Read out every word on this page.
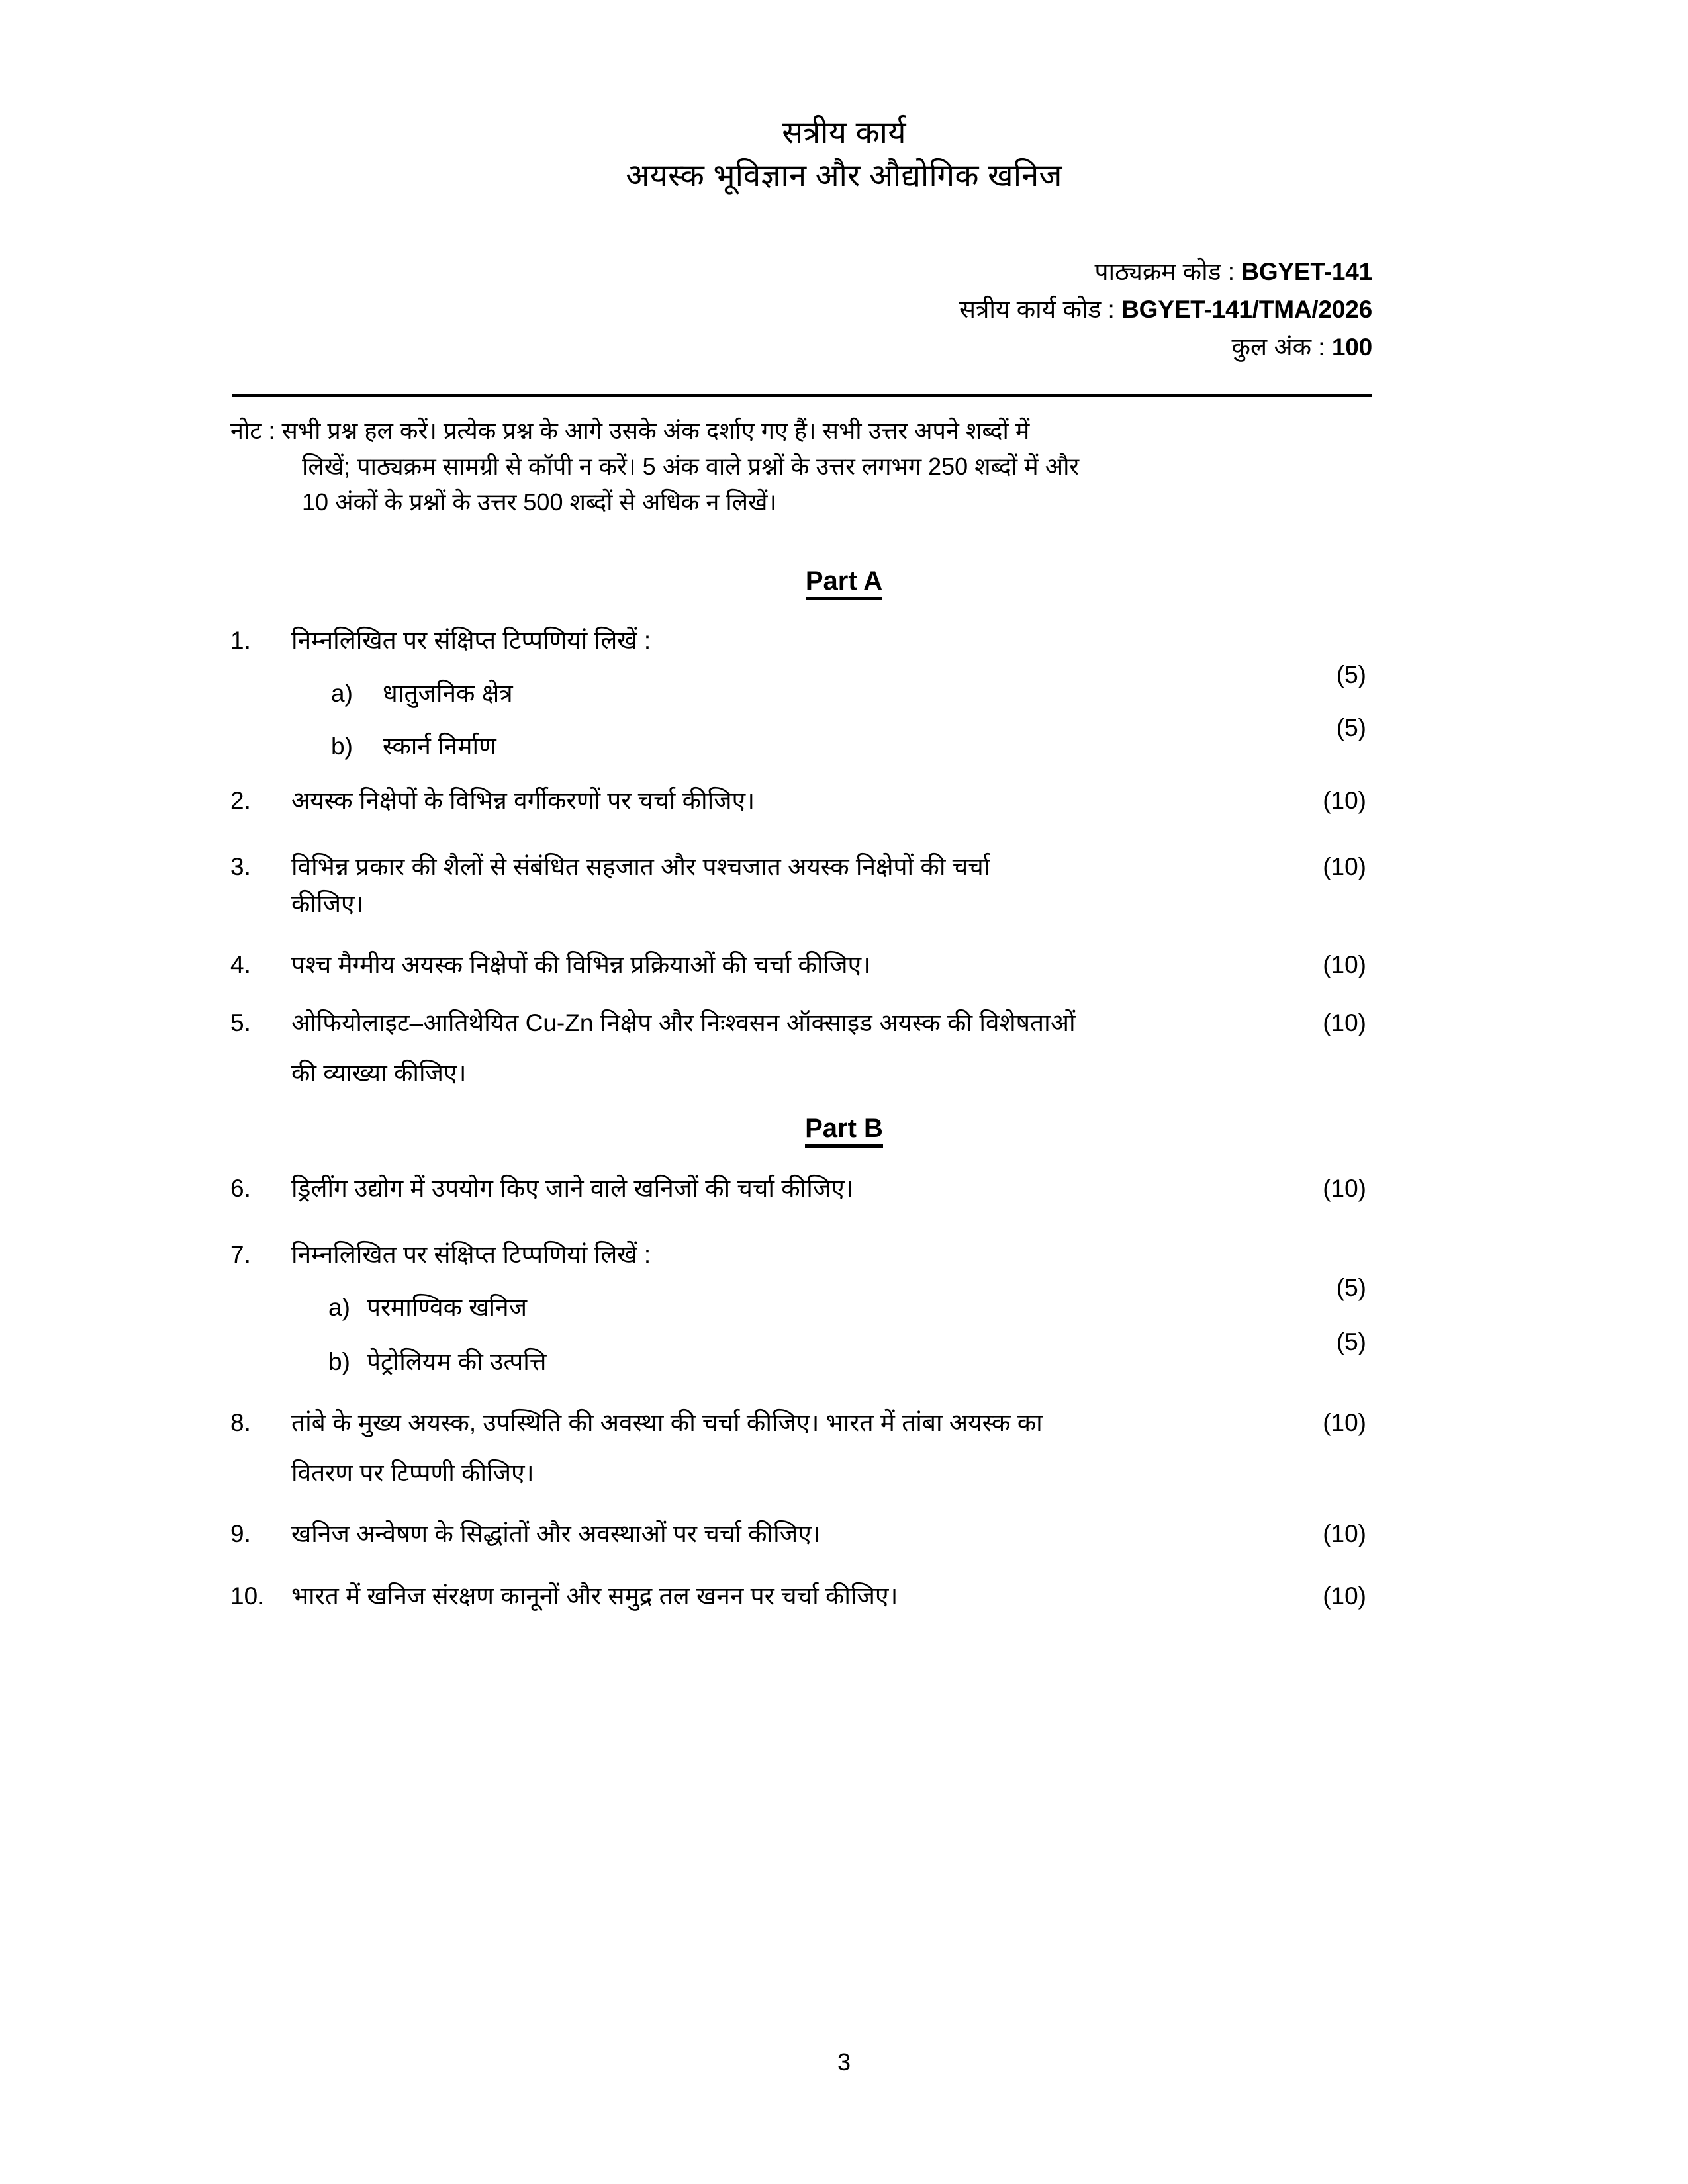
सत्रीय कार्य
अयस्क भूविज्ञान और औद्योगिक खनिज
पाठ्यक्रम कोड : BGYET-141
सत्रीय कार्य कोड : BGYET-141/TMA/2026
कुल अंक : 100
नोट : सभी प्रश्न हल करें। प्रत्येक प्रश्न के आगे उसके अंक दर्शाए गए हैं। सभी उत्तर अपने शब्दों में
लिखें; पाठ्यक्रम सामग्री से कॉपी न करें। 5 अंक वाले प्रश्नों के उत्तर लगभग 250 शब्दों में और
10 अंकों के प्रश्नों के उत्तर 500 शब्दों से अधिक न लिखें।
Part A
1.	निम्नलिखित पर संक्षिप्त टिप्पणियां लिखें :
a)	धातुजनिक क्षेत्र
(5)
b)	स्कार्न निर्माण
(5)
2.	अयस्क निक्षेपों के विभिन्न वर्गीकरणों पर चर्चा कीजिए।	(10)
3.	विभिन्न प्रकार की शैलों से संबंधित सहजात और पश्चजात अयस्क निक्षेपों की चर्चा	(10)
कीजिए।
4.	पश्च मैग्मीय अयस्क निक्षेपों की विभिन्न प्रक्रियाओं की चर्चा कीजिए।	(10)
5.	ओफियोलाइट–आतिथेयित Cu-Zn निक्षेप और निःश्वसन ऑक्साइड अयस्क की विशेषताओं	(10)
की व्याख्या कीजिए।
Part B
6.	ड्रिलींग उद्योग में उपयोग किए जाने वाले खनिजों की चर्चा कीजिए।	(10)
7.	निम्नलिखित पर संक्षिप्त टिप्पणियां लिखें :
a) परमाण्विक खनिज
(5)
b) पेट्रोलियम की उत्पत्ति
(5)
8.	तांबे के मुख्य अयस्क, उपस्थिति की अवस्था की चर्चा कीजिए। भारत में तांबा अयस्क का	(10)
वितरण पर टिप्पणी कीजिए।
9.	खनिज अन्वेषण के सिद्धांतों और अवस्थाओं पर चर्चा कीजिए।	(10)
10.	भारत में खनिज संरक्षण कानूनों और समुद्र तल खनन पर चर्चा कीजिए।	(10)
3
